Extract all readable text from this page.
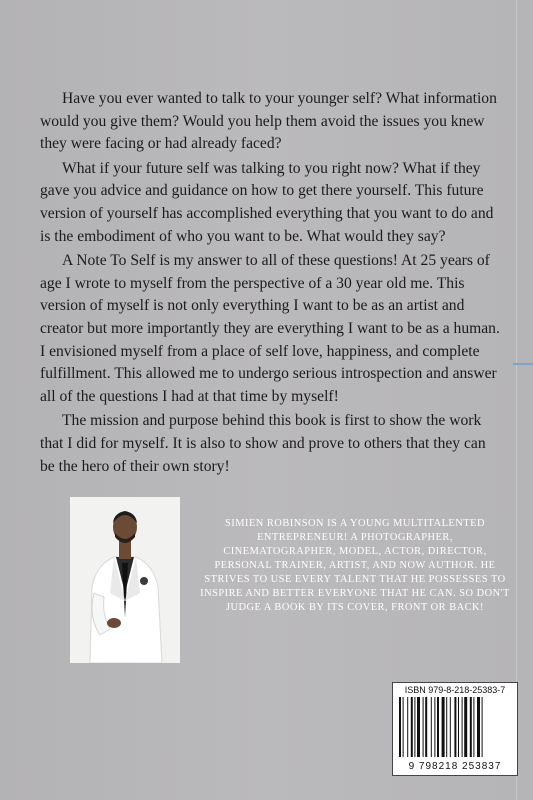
Have you ever wanted to talk to your younger self? What information would you give them? Would you help them avoid the issues you knew they were facing or had already faced?

What if your future self was talking to you right now? What if they gave you advice and guidance on how to get there yourself. This future version of yourself has accomplished everything that you want to do and is the embodiment of who you want to be. What would they say?

A Note To Self is my answer to all of these questions! At 25 years of age I wrote to myself from the perspective of a 30 year old me. This version of myself is not only everything I want to be as an artist and creator but more importantly they are everything I want to be as a human. I envisioned myself from a place of self love, happiness, and complete fulfillment. This allowed me to undergo serious introspection and answer all of the questions I had at that time by myself!

The mission and purpose behind this book is first to show the work that I did for myself. It is also to show and prove to others that they can be the hero of their own story!

SIMIEN ROBINSON IS A YOUNG MULTITALENTED ENTREPRENEUR! A PHOTOGRAPHER, CINEMATOGRAPHER, MODEL, ACTOR, DIRECTOR, PERSONAL TRAINER, ARTIST, AND NOW AUTHOR. HE STRIVES TO USE EVERY TALENT THAT HE POSSESSES TO INSPIRE AND BETTER EVERYONE THAT HE CAN. SO DON'T JUDGE A BOOK BY ITS COVER, FRONT OR BACK!
ISBN 979-8-218-25383-7
9 798218 253837
